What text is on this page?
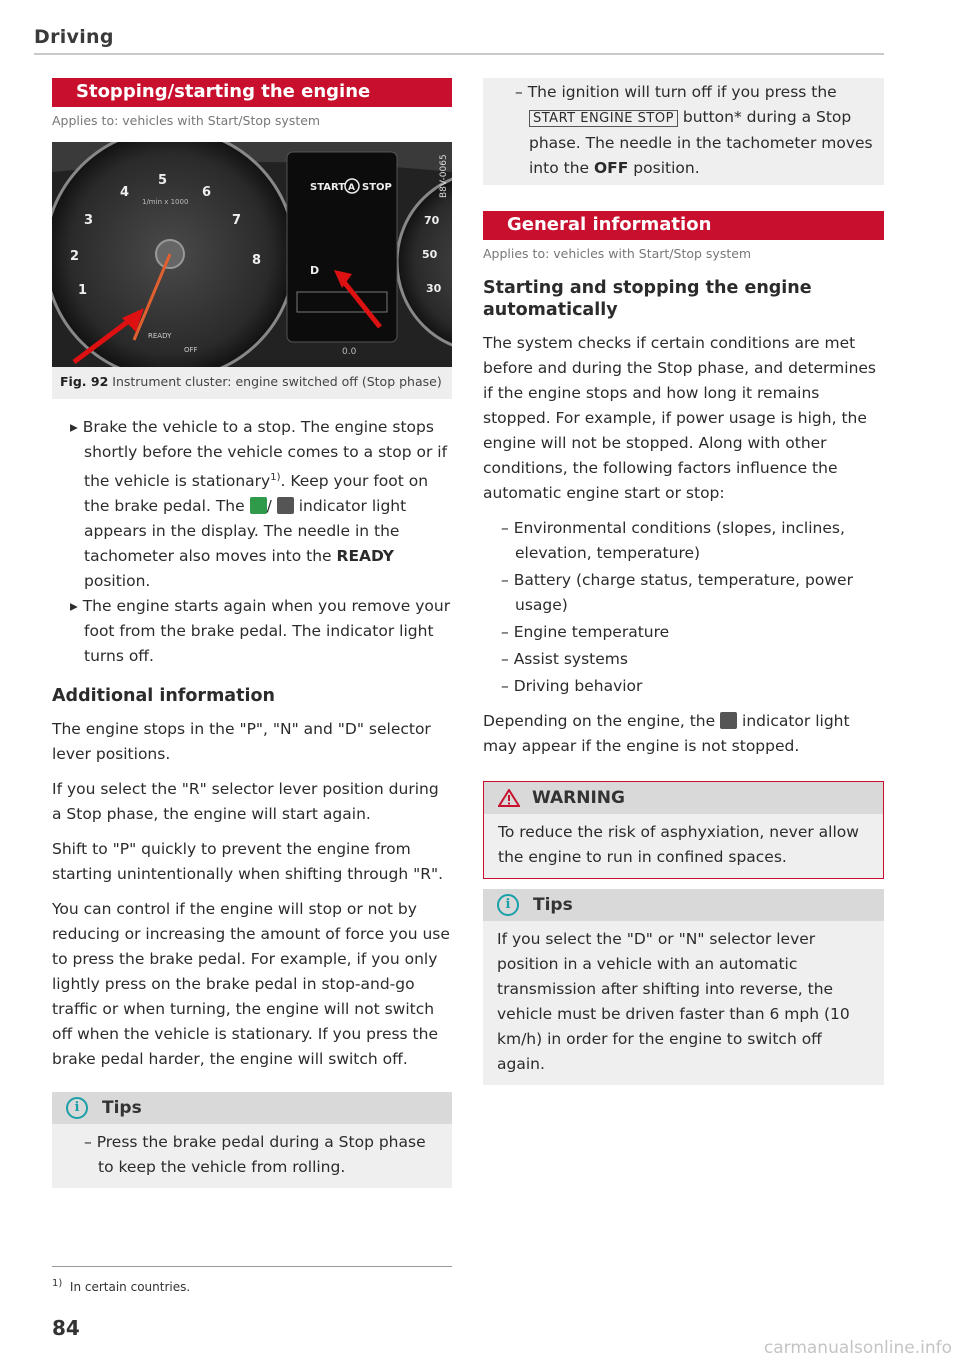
Driving
Stopping/starting the engine
Applies to: vehicles with Start/Stop system
5
4	6
3	7
2	8
1
1/min x 1000
READY
OFF
START A STOP
D
0.0
70
50
30
B8V-0065
Fig. 92 Instrument cluster: engine switched off (Stop phase)

▸ Brake the vehicle to a stop. The engine stops shortly before the vehicle comes to a stop or if the vehicle is stationary$^{1)}$. Keep your foot on the brake pedal. The /  indicator light appears in the display. The needle in the tachometer also moves into the READY position.

▸ The engine starts again when you remove your foot from the brake pedal. The indicator light turns off.

Additional information

The engine stops in the "P", "N" and "D" selector lever positions.

If you select the "R" selector lever position during a Stop phase, the engine will start again.

Shift to "P" quickly to prevent the engine from starting unintentionally when shifting through "R".

You can control if the engine will stop or not by reducing or increasing the amount of force you use to press the brake pedal. For example, if you only lightly press on the brake pedal in stop-and-go traffic or when turning, the engine will not switch off when the vehicle is stationary. If you press the brake pedal harder, the engine will switch off.

i	Tips

– Press the brake pedal during a Stop phase to keep the vehicle from rolling.

$^{1)}$ In certain countries.
84

– The ignition will turn off if you press the START ENGINE STOP button* during a Stop phase. The needle in the tachometer moves into the OFF position.

General information
Applies to: vehicles with Start/Stop system
Starting and stopping the engine automatically

The system checks if certain conditions are met before and during the Stop phase, and determines if the engine stops and how long it remains stopped. For example, if power usage is high, the engine will not be stopped. Along with other conditions, the following factors influence the automatic engine start or stop:

– Environmental conditions (slopes, inclines, elevation, temperature)

– Battery (charge status, temperature, power usage)

– Engine temperature

– Assist systems

– Driving behavior

Depending on the engine, the indicator light may appear if the engine is not stopped.

WARNING

To reduce the risk of asphyxiation, never allow the engine to run in confined spaces.

i	Tips

If you select the "D" or "N" selector lever position in a vehicle with an automatic transmission after shifting into reverse, the vehicle must be driven faster than 6 mph (10 km/h) in order for the engine to switch off again.

carmanualsonline.info
